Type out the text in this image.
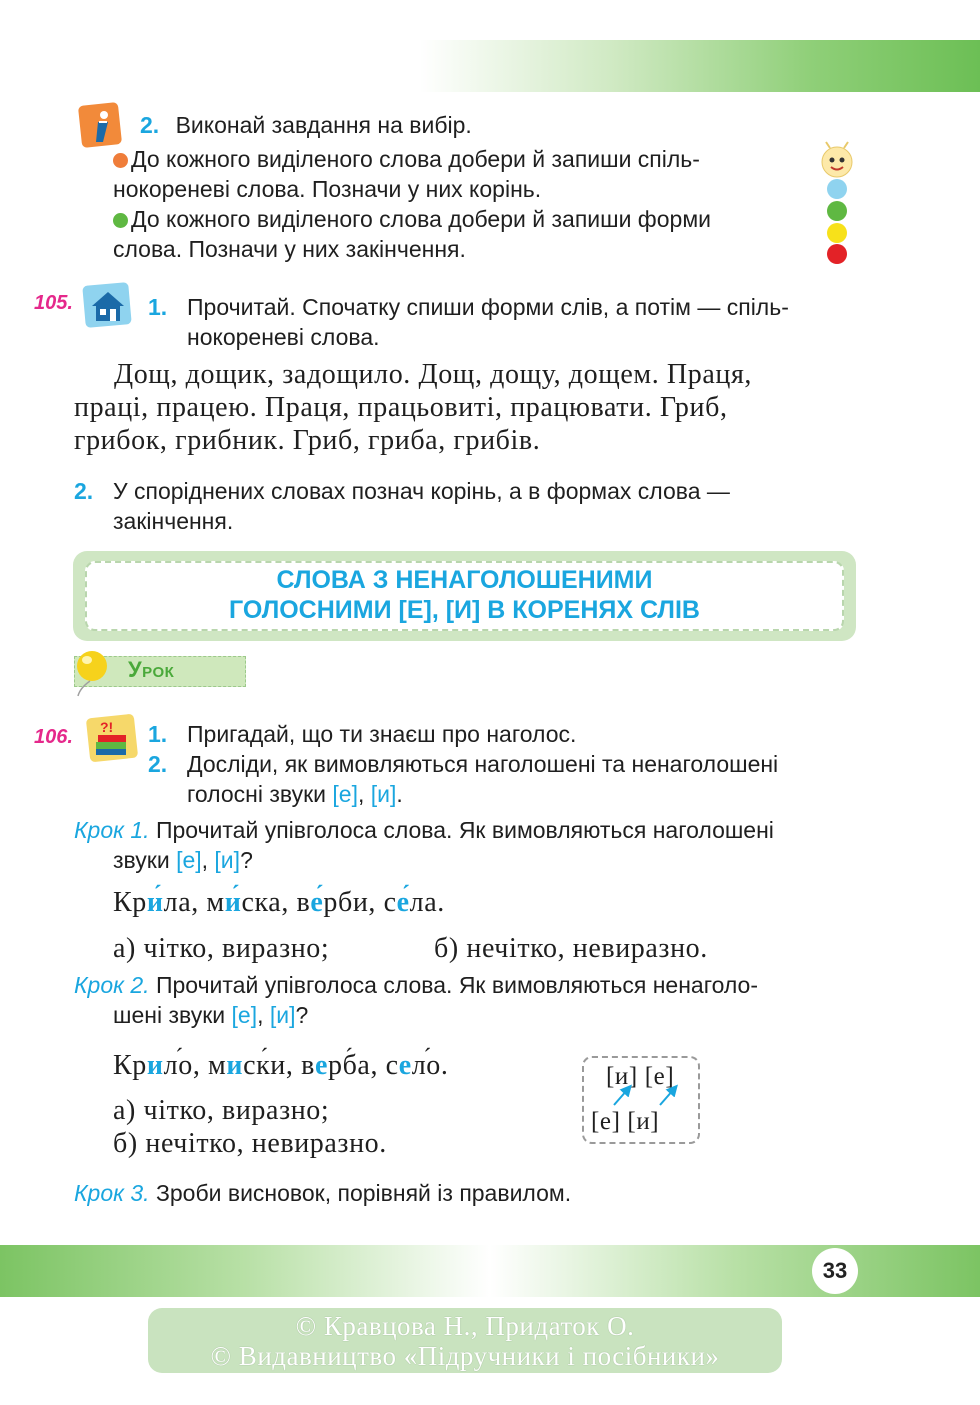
2. Виконай завдання на вибір.
До кожного виділеного слова добери й запиши спіль-
нокореневі слова. Позначи у них корінь.
До кожного виділеного слова добери й запиши форми
слова. Позначи у них закінчення.
105.	1. Прочитай. Спочатку спиши форми слів, а потім — спіль-
нокореневі слова.
Дощ, дощик, задощило. Дощ, дощу, дощем. Праця,
праці, працею. Праця, працьовиті, працювати. Гриб,
грибок, грибник. Гриб, гриба, грибів.
2. У споріднених словах познач корінь, а в формах слова —
закінчення.
СЛОВА З НЕНАГОЛОШЕНИМИ
ГОЛОСНИМИ [Е], [И] В КОРЕНЯХ СЛІВ
Урок
106. ?! 1.
2.
Пригадай, що ти знаєш про наголос.
Досліди, як вимовляються наголошені та ненаголошені
голосні звуки [е], [и].
Крок 1. Прочитай упівголоса слова. Як вимовляються наголошені
звуки [е], [и]?
Кри ´ла, ми ´ска, ве ´рби, се ´ла.
а) чітко, виразно;	б) нечітко, невиразно.
Крок 2. Прочитай упівголоса слова. Як вимовляються ненаголо-
шені звуки [е], [и]?
Крило ´, миски ´, верба ´, село ´.
а) чітко, виразно;
б) нечітко, невиразно.
[и] [е]
[е] [и]
Крок 3. Зроби висновок, порівняй із правилом.
33
© Кравцова Н., Придаток О.
© Видавництво «Підручники і посібники»
